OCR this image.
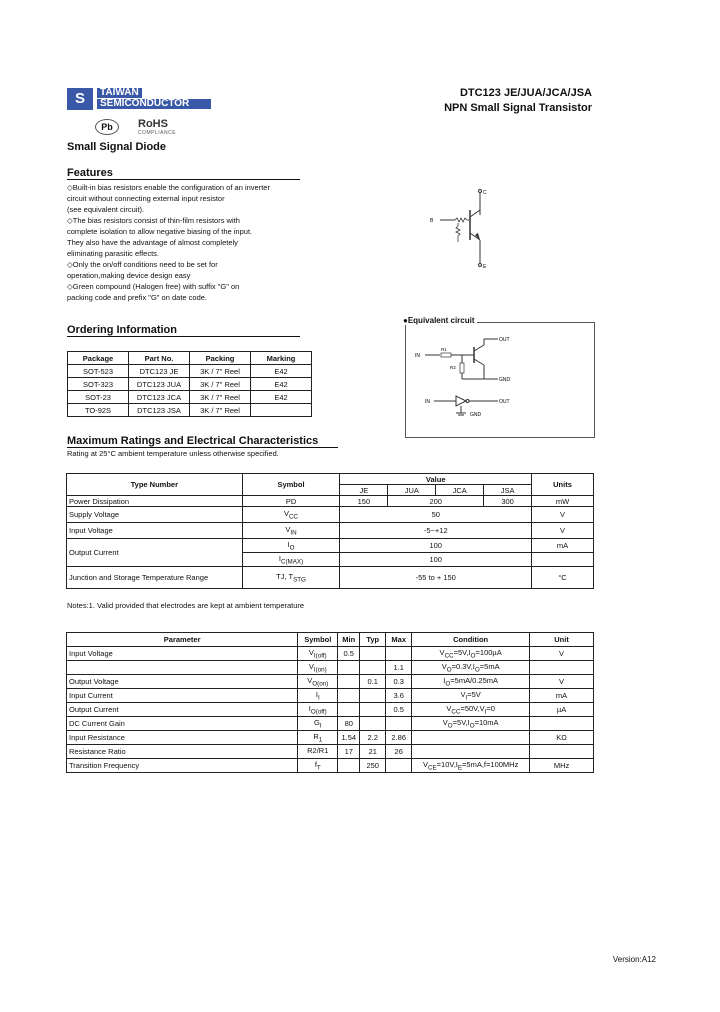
S	TAIWAN
SEMICONDUCTOR
Pb	RoHS
COMPLIANCE
DTC123 JE/JUA/JCA/JSA
NPN Small Signal Transistor
Small Signal Diode
Features
◇Built-in bias resistors enable the configuration of an inverter
circuit without connecting external input resistor
(see equivalent circuit).
◇The bias resistors consist of thin-film resistors with
complete isolation to allow negative biasing of the input.
They also have the advantage of almost completely
eliminating parasitic effects.
◇Only the on/off conditions need to be set for
operation,making device design easy
◇Green compound (Halogen free) with suffix "G" on
packing code and prefix "G" on date code.
C
B
E
Ordering Information
Package	Part No.	Packing	Marking
SOT-523	DTC123 JE	3K / 7" Reel	E42
SOT-323	DTC123 JUA	3K / 7" Reel	E42
SOT-23	DTC123 JCA	3K / 7" Reel	E42
TO-92S	DTC123 JSA	3K / 7" Reel	
●Equivalent circuit
IN
R1
R2
OUT
GND
IN	OUT
GND
Maximum Ratings and Electrical Characteristics
Rating at 25°C ambient temperature unless otherwise specified.
Type Number	Symbol	Value				Units
		JE	JUA	JCA	JSA	
Power Dissipation	PD	150	200		300	mW
Supply Voltage	$V_{CC}$	50				V
Input Voltage	$V_{IN}$	-5~+12				V
Output Current	$I_O$	100				mA
	$I_{C(MAX)}$	100				
Junction and Storage Temperature Range	TJ, $T_{STG}$	-55 to + 150				°C
Notes:1. Valid provided that electrodes are kept at ambient temperature
Parameter	Symbol	Min	Typ	Max	Condition	Unit
Input Voltage	$V_{I(off)}$	0.5			$V_{CC}=5V,I_O=100\mu A$	V
	$V_{I(on)}$			1.1	$V_O=0.3V,I_O=5mA$	
Output Voltage	$V_{O(on)}$		0.1	0.3	$I_O=5mA/0.25mA$	V
Input Current	$I_I$			3.6	$V_I=5V$	mA
Output Current	$I_{O(off)}$			0.5	$V_{CC}=50V,V_I=0$	µA
DC Current Gain	$G_I$	80			$V_O=5V,I_O=10mA$	
Input Resistance	$R_1$	1.54	2.2	2.86		KΩ
Resistance Ratio	R2/R1	17	21	26		
Transition Frequency	$f_T$		250		$V_{CE}=10V,I_E=5mA,f=100MHz$	MHz
Version:A12
